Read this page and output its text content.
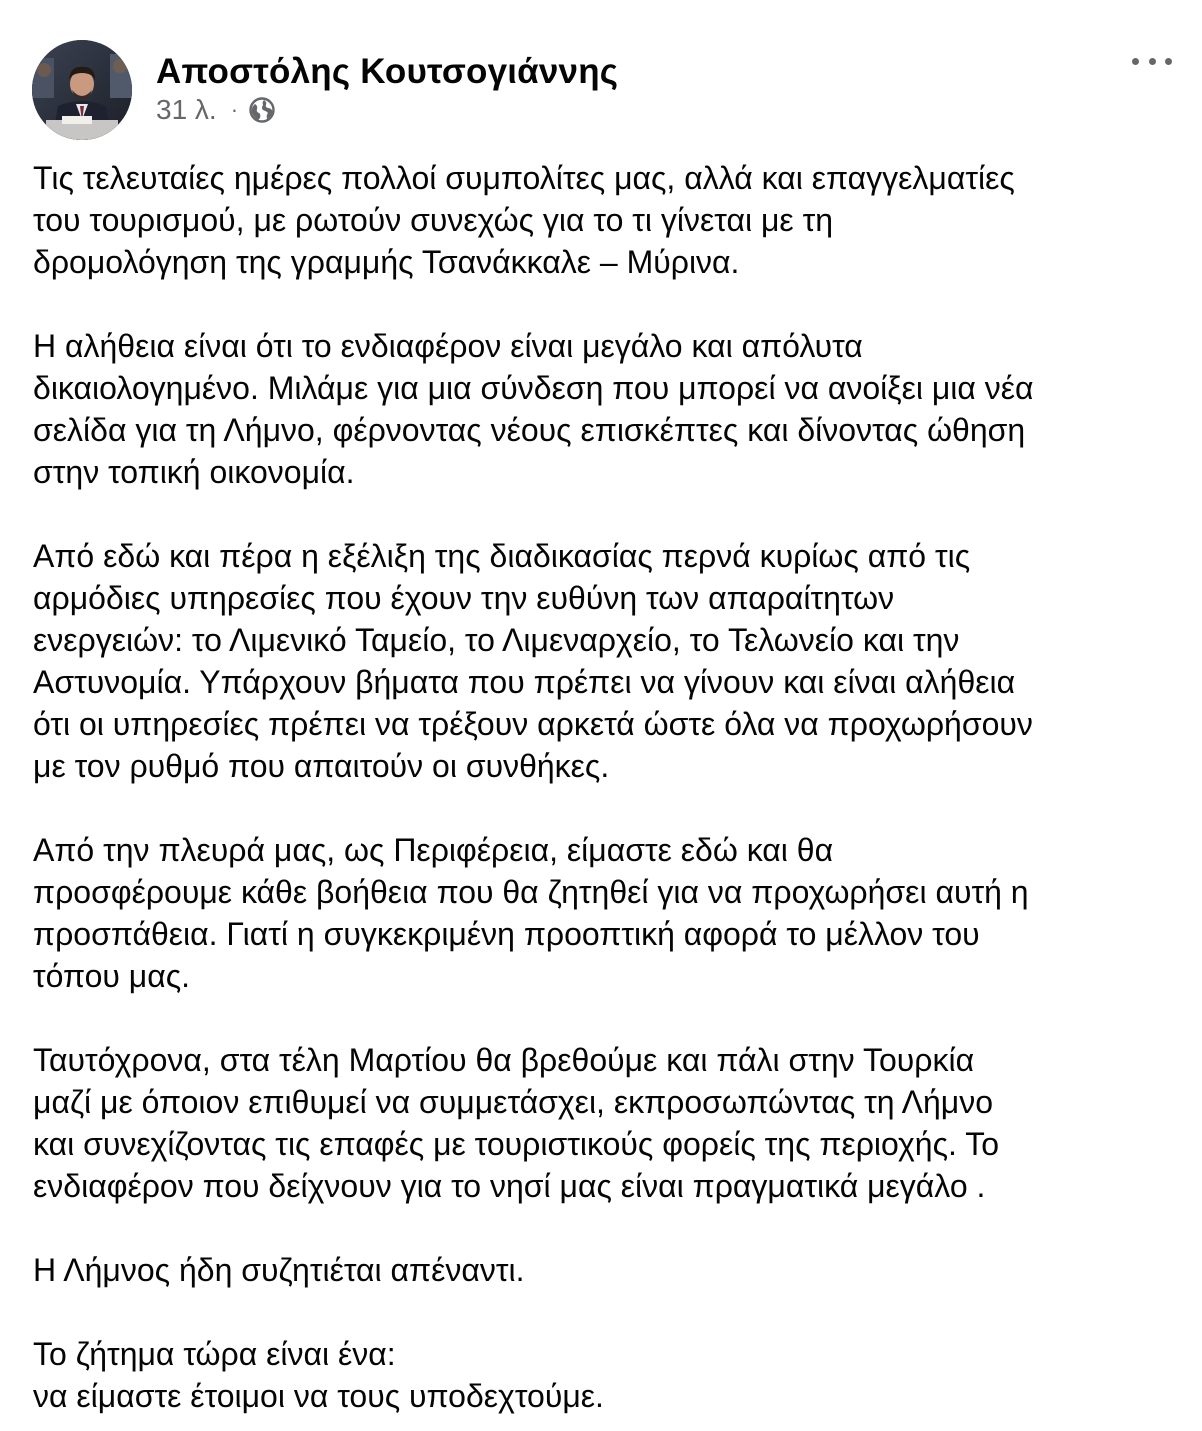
Αποστόλης Κουτσογιάννης
31 λ. ·

Τις τελευταίες ημέρες πολλοί συμπολίτες μας, αλλά και επαγγελματίες
του τουρισμού, με ρωτούν συνεχώς για το τι γίνεται με τη
δρομολόγηση της γραμμής Τσανάκκαλε – Μύρινα.

Η αλήθεια είναι ότι το ενδιαφέρον είναι μεγάλο και απόλυτα
δικαιολογημένο. Μιλάμε για μια σύνδεση που μπορεί να ανοίξει μια νέα
σελίδα για τη Λήμνο, φέρνοντας νέους επισκέπτες και δίνοντας ώθηση
στην τοπική οικονομία.

Από εδώ και πέρα η εξέλιξη της διαδικασίας περνά κυρίως από τις
αρμόδιες υπηρεσίες που έχουν την ευθύνη των απαραίτητων
ενεργειών: το Λιμενικό Ταμείο, το Λιμεναρχείο, το Τελωνείο και την
Αστυνομία. Υπάρχουν βήματα που πρέπει να γίνουν και είναι αλήθεια
ότι οι υπηρεσίες πρέπει να τρέξουν αρκετά ώστε όλα να προχωρήσουν
με τον ρυθμό που απαιτούν οι συνθήκες.

Από την πλευρά μας, ως Περιφέρεια, είμαστε εδώ και θα
προσφέρουμε κάθε βοήθεια που θα ζητηθεί για να προχωρήσει αυτή η
προσπάθεια. Γιατί η συγκεκριμένη προοπτική αφορά το μέλλον του
τόπου μας.

Ταυτόχρονα, στα τέλη Μαρτίου θα βρεθούμε και πάλι στην Τουρκία
μαζί με όποιον επιθυμεί να συμμετάσχει, εκπροσωπώντας τη Λήμνο
και συνεχίζοντας τις επαφές με τουριστικούς φορείς της περιοχής. Το
ενδιαφέρον που δείχνουν για το νησί μας είναι πραγματικά μεγάλο .

Η Λήμνος ήδη συζητιέται απέναντι.

Το ζήτημα τώρα είναι ένα:
να είμαστε έτοιμοι να τους υποδεχτούμε.
